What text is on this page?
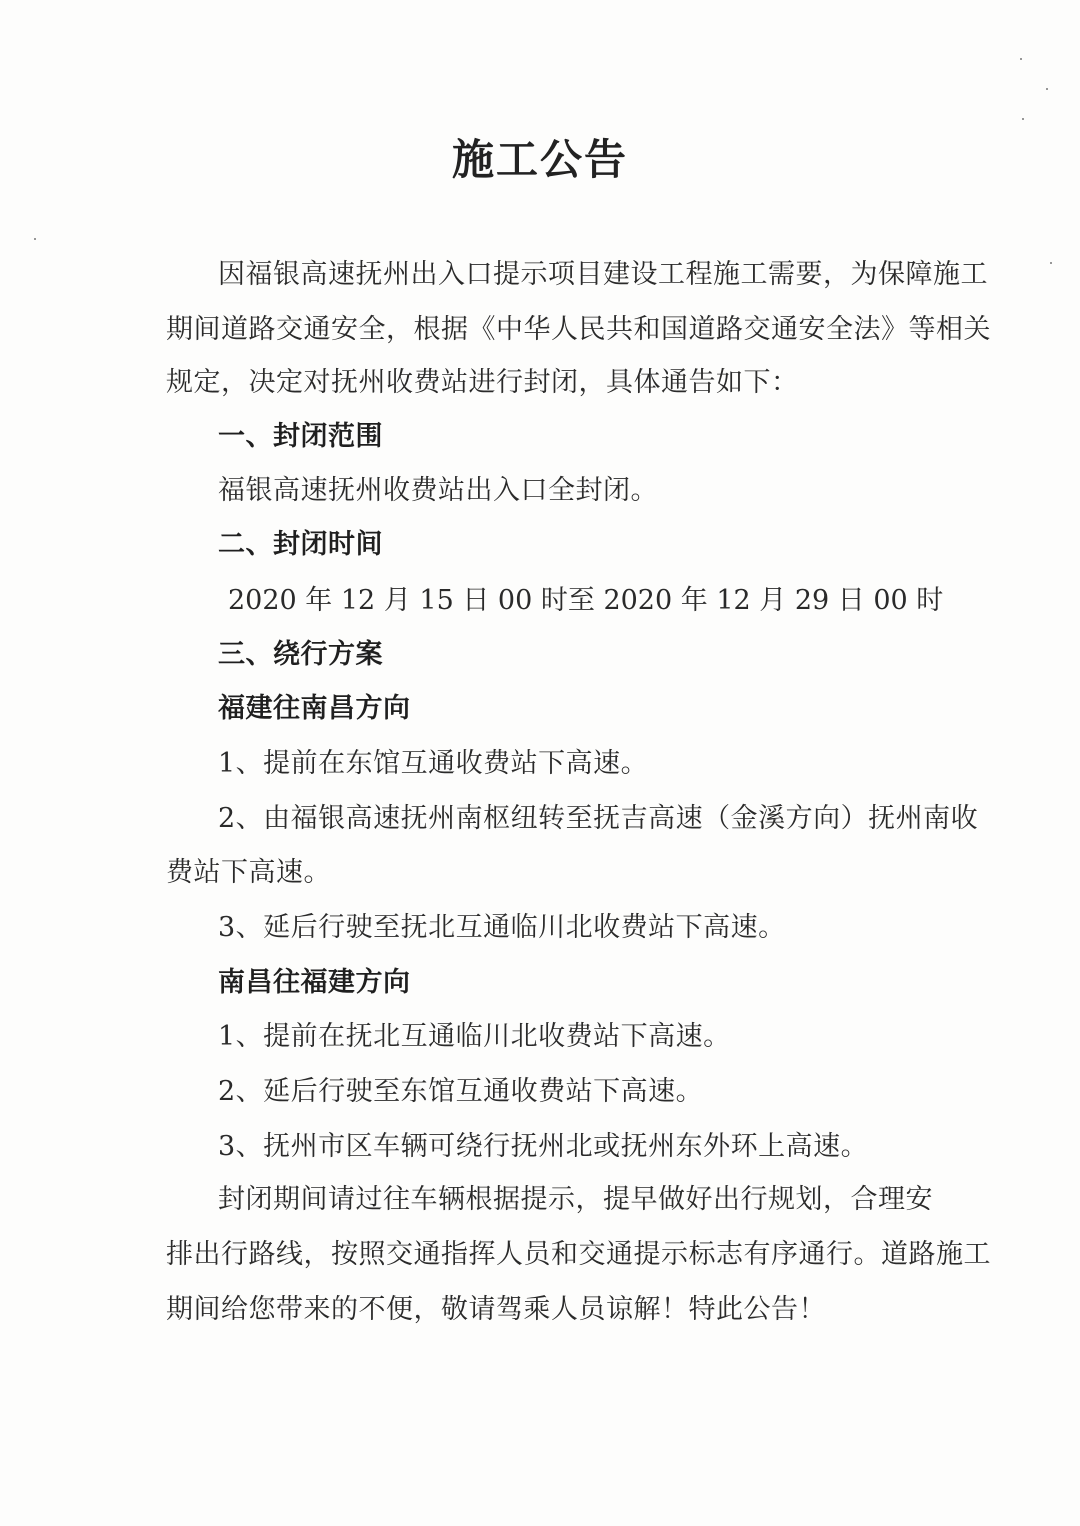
施工公告
因福银高速抚州出入口提示项目建设工程施工需要，为保障施工
期间道路交通安全，根据《中华人民共和国道路交通安全法》等相关
规定，决定对抚州收费站进行封闭，具体通告如下：
一、封闭范围
福银高速抚州收费站出入口全封闭。
二、封闭时间
2020 年 12 月 15 日 00 时至 2020 年 12 月 29 日 00 时
三、绕行方案
福建往南昌方向
1、提前在东馆互通收费站下高速。
2、由福银高速抚州南枢纽转至抚吉高速（金溪方向）抚州南收
费站下高速。
3、延后行驶至抚北互通临川北收费站下高速。
南昌往福建方向
1、提前在抚北互通临川北收费站下高速。
2、延后行驶至东馆互通收费站下高速。
3、抚州市区车辆可绕行抚州北或抚州东外环上高速。
封闭期间请过往车辆根据提示，提早做好出行规划，合理安
排出行路线，按照交通指挥人员和交通提示标志有序通行。道路施工
期间给您带来的不便，敬请驾乘人员谅解！特此公告！
